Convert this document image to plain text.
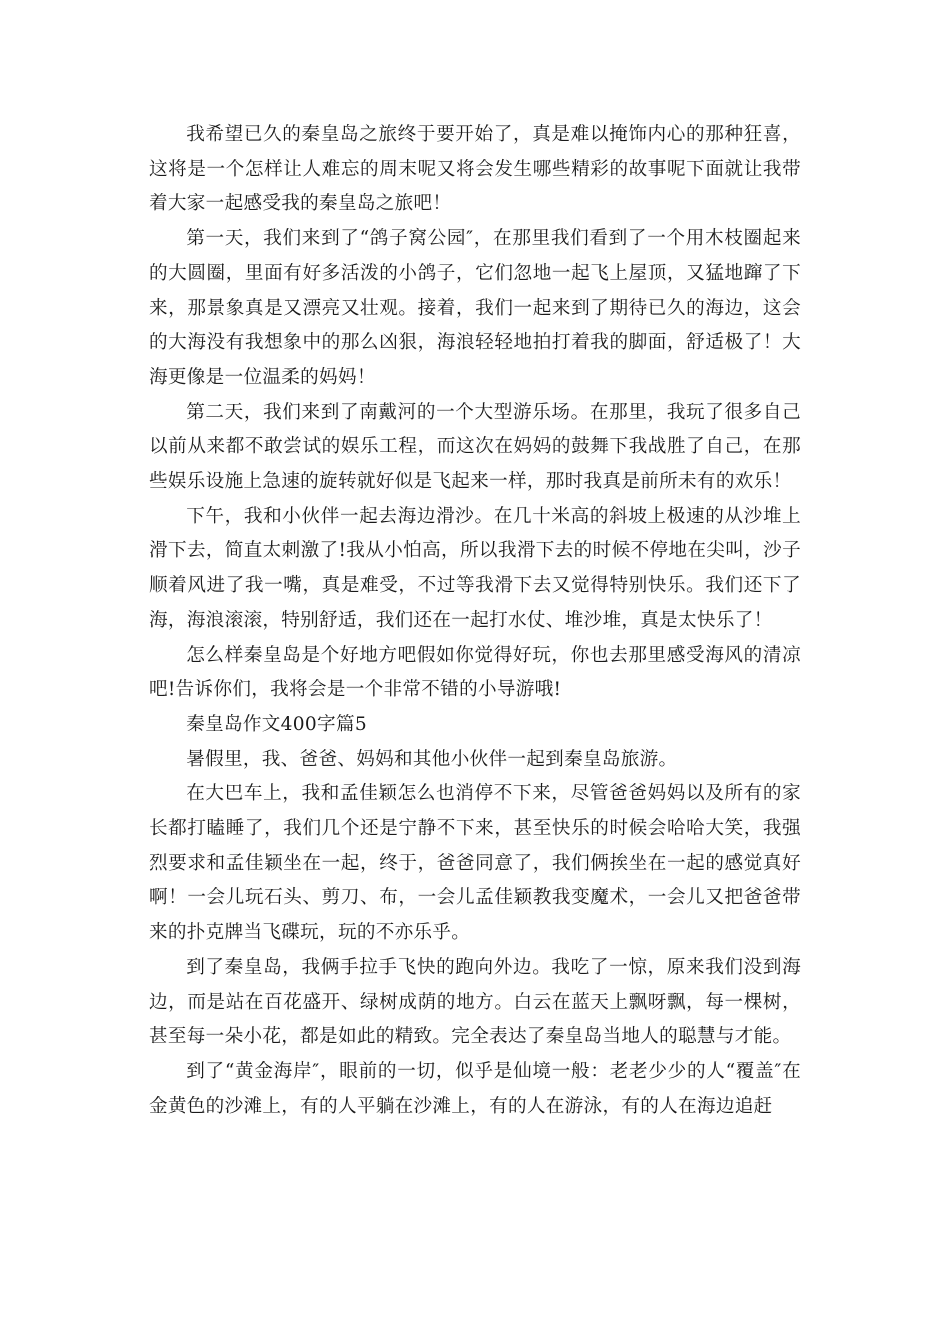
我希望已久的秦皇岛之旅终于要开始了，真是难以掩饰内心的那种狂喜，这将是一个怎样让人难忘的周末呢又将会发生哪些精彩的故事呢下面就让我带着大家一起感受我的秦皇岛之旅吧！

第一天，我们来到了“鸽子窝公园″，在那里我们看到了一个用木枝圈起来的大圆圈，里面有好多活泼的小鸽子，它们忽地一起飞上屋顶，又猛地蹿了下来，那景象真是又漂亮又壮观。接着，我们一起来到了期待已久的海边，这会的大海没有我想象中的那么凶狠，海浪轻轻地拍打着我的脚面，舒适极了！大海更像是一位温柔的妈妈！

第二天，我们来到了南戴河的一个大型游乐场。在那里，我玩了很多自己以前从来都不敢尝试的娱乐工程，而这次在妈妈的鼓舞下我战胜了自己，在那些娱乐设施上急速的旋转就好似是飞起来一样，那时我真是前所未有的欢乐！

下午，我和小伙伴一起去海边滑沙。在几十米高的斜坡上极速的从沙堆上滑下去，简直太刺激了!我从小怕高，所以我滑下去的时候不停地在尖叫，沙子顺着风进了我一嘴，真是难受，不过等我滑下去又觉得特别快乐。我们还下了海，海浪滚滚，特别舒适，我们还在一起打水仗、堆沙堆，真是太快乐了！

怎么样秦皇岛是个好地方吧假如你觉得好玩，你也去那里感受海风的清凉吧!告诉你们，我将会是一个非常不错的小导游哦!

秦皇岛作文400字篇5

暑假里，我、爸爸、妈妈和其他小伙伴一起到秦皇岛旅游。

在大巴车上，我和孟佳颖怎么也消停不下来，尽管爸爸妈妈以及所有的家长都打瞌睡了，我们几个还是宁静不下来，甚至快乐的时候会哈哈大笑，我强烈要求和孟佳颖坐在一起，终于，爸爸同意了，我们俩挨坐在一起的感觉真好啊！一会儿玩石头、剪刀、布，一会儿孟佳颖教我变魔术，一会儿又把爸爸带来的扑克牌当飞碟玩，玩的不亦乐乎。

到了秦皇岛，我俩手拉手飞快的跑向外边。我吃了一惊，原来我们没到海边，而是站在百花盛开、绿树成荫的地方。白云在蓝天上飘呀飘，每一棵树，甚至每一朵小花，都是如此的精致。完全表达了秦皇岛当地人的聪慧与才能。

到了“黄金海岸″，眼前的一切，似乎是仙境一般：老老少少的人“覆盖″在金黄色的沙滩上，有的人平躺在沙滩上，有的人在游泳，有的人在海边追赶
